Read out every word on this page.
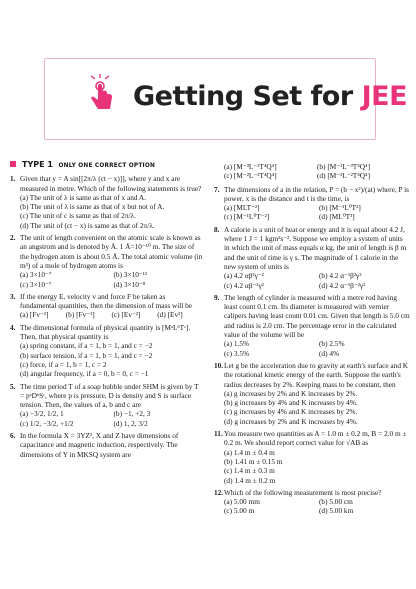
Getting Set for JEE
TYPE 1 ONLY ONE CORRECT OPTION
1. Given that y = A sin[[2π/λ (ct − x)]], where y and x are measured in metre. Which of the following statements is true?
(a) The unit of λ is same as that of x and A.
(b) The unit of λ is same as that of x but not of A.
(c) The unit of c is same as that of 2π/λ.
(d) The unit of (ct − x) is same as that of 2π/λ.
2. The unit of length convenient on the atomic scale is known as an angstrom and is denoted by Å. 1 Å=10⁻¹⁰ m. The size of the hydrogen atom is about 0.5 Å. The total atomic volume (in m³) of a mole of hydrogen atoms is
(a) 3×10⁻⁷	(b) 3×10⁻¹²
(c) 3×10⁻⁷	(d) 3×10⁻⁸
3. If the energy E, velocity v and force F be taken as fundamental quantities, then the dimension of mass will be
(a) [Fv⁻²]	(b) [Fv⁻¹]	(c) [Ev⁻²]	(d) [Ev²]
4. The dimensional formula of physical quantity is [MᵃLᵇTᶜ]. Then, that physical quantity is
(a) spring constant, if a = 1, b = 1, and c = −2
(b) surface tension, if a = 1, b = 1, and c = −2
(c) force, if a = 1, b = 1, c = 2
(d) angular frequency, if a = 0, b = 0, c = −1
5. The time period T of a soap bubble under SHM is given by T = pᵃDᵇSᶜ, where p is pressure, D is density and S is surface tension. Then, the values of a, b and c are
(a) −3/2, 1/2, 1	(b) −1, +2, 3
(c) 1/2, −3/2, +1/2	(d) 1, 2, 3/2
6. In the formula X = 3YZ², X and Z have dimensions of capacitance and magnetic induction, respectively. The dimensions of Y in MKSQ system are
(a) [M⁻³L⁻²T⁴Q⁴]	(b) [M⁻¹L⁻³T⁴Q⁴]
(c) [M⁻²L⁻²T⁴Q⁴]	(d) [M⁻³L⁻²T⁴Q⁴]
7. The dimensions of a in the relation, P = (b − x²)/(at) where, P is power, x is the distance and t is the time, is
(a) [MLT⁻²]	(b) [M⁻¹L⁰T²]
(c) [M⁻¹L⁰T⁻²]	(d) [ML⁰T³]
8. A calorie is a unit of heat or energy and it is equal about 4.2 J, where 1 J = 1 kgm²s⁻². Suppose we employ a system of units in which the unit of mass equals α kg, the unit of length is β m and the unit of time is γ s. The magnitude of 1 calorie in the new system of units is
(a) 4.2 αβ²γ⁻²	(b) 4.2 α⁻¹β²γ²
(c) 4.2 αβ⁻²γ²	(d) 4.2 α⁻¹β⁻²γ²
9. The length of cylinder is measured with a metre rod having least count 0.1 cm. Its diameter is measured with vernier calipers having least count 0.01 cm. Given that length is 5.0 cm and radius is 2.0 cm. The percentage error in the calculated value of the volume will be
(a) 1.5%	(b) 2.5%
(c) 3.5%	(d) 4%
10. Let g be the acceleration due to gravity at earth's surface and K the rotational kinetic energy of the earth. Suppose the earth's radius decreases by 2%. Keeping mass to be constant, then
(a) g increases by 2% and K increases by 2%.
(b) g increases by 4% and K increases by 4%.
(c) g increases by 4% and K increases by 2%.
(d) g increases by 2% and K increases by 4%.
11. You measure two quantities as A = 1.0 m ± 0.2 m, B = 2.0 m ± 0.2 m. We should report correct value for √AB as
(a) 1.4 m ± 0.4 m
(b) 1.41 m ± 0.15 m
(c) 1.4 m ± 0.3 m
(d) 1.4 m ± 0.2 m
12. Which of the following measurement is most precise?
(a) 5.00 mm	(b) 5.00 cm
(c) 5.00 m	(d) 5.00 km
